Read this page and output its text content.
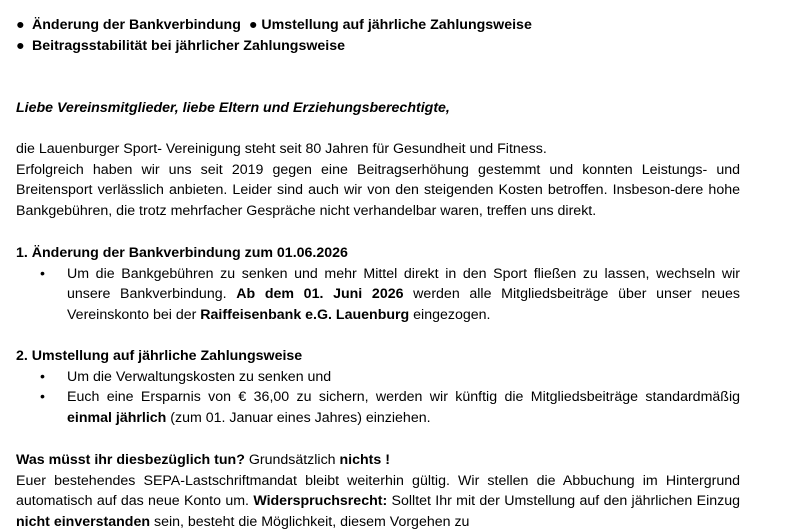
● Änderung der Bankverbindung ● Umstellung auf jährliche Zahlungsweise
● Beitragsstabilität bei jährlicher Zahlungsweise
Liebe Vereinsmitglieder, liebe Eltern und Erziehungsberechtigte,

die Lauenburger Sport- Vereinigung steht seit 80 Jahren für Gesundheit und Fitness.

Erfolgreich haben wir uns seit 2019 gegen eine Beitragserhöhung gestemmt und konnten Leistungs- und Breitensport verlässlich anbieten. Leider sind auch wir von den steigenden Kosten betroffen. Insbeson-dere hohe Bankgebühren, die trotz mehrfacher Gespräche nicht verhandelbar waren, treffen uns direkt.

1. Änderung der Bankverbindung zum 01.06.2026
• Um die Bankgebühren zu senken und mehr Mittel direkt in den Sport fließen zu lassen, wechseln wir unsere Bankverbindung. Ab dem 01. Juni 2026 werden alle Mitgliedsbeiträge über unser neues Vereinskonto bei der Raiffeisenbank e.G. Lauenburg eingezogen.
2. Umstellung auf jährliche Zahlungsweise
• Um die Verwaltungskosten zu senken und
• Euch eine Ersparnis von € 36,00 zu sichern, werden wir künftig die Mitgliedsbeiträge standardmäßig einmal jährlich (zum 01. Januar eines Jahres) einziehen.

Was müsst ihr diesbezüglich tun? Grundsätzlich nichts !

Euer bestehendes SEPA-Lastschriftmandat bleibt weiterhin gültig. Wir stellen die Abbuchung im Hintergrund automatisch auf das neue Konto um. Widerspruchsrecht: Solltet Ihr mit der Umstellung auf den jährlichen Einzug nicht einverstanden sein, besteht die Möglichkeit, diesem Vorgehen zu
